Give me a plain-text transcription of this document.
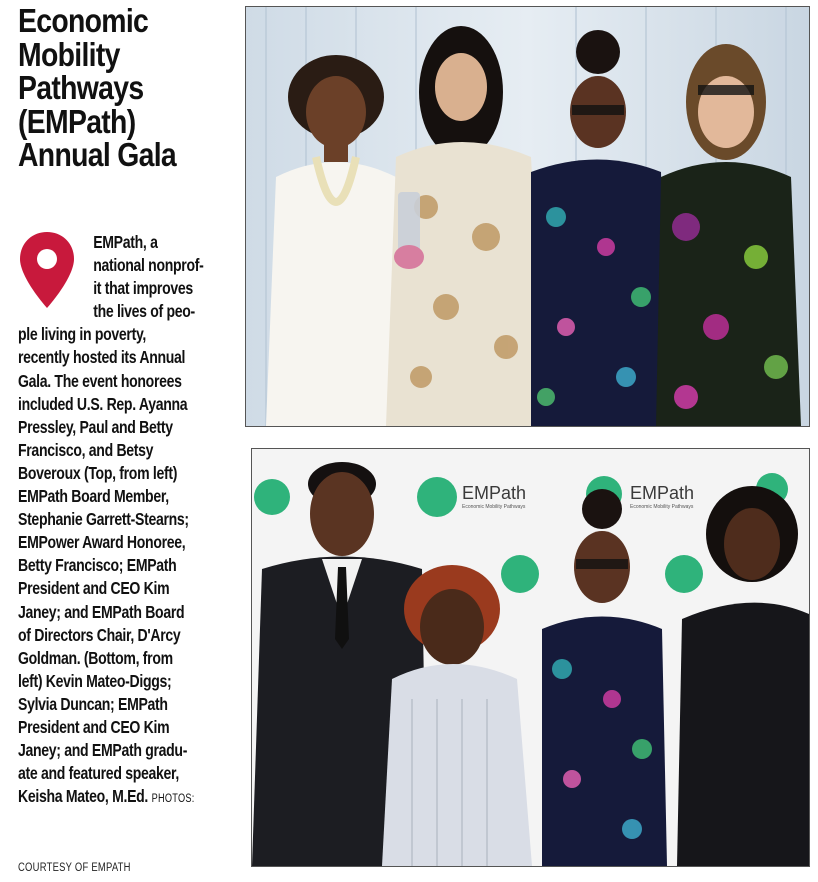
Economic
Mobility
Pathways
(EMPath)
Annual Gala
EMPath, a
national nonprof-
it that improves
the lives of peo-
ple living in poverty,
recently hosted its Annual
Gala. The event honorees
included U.S. Rep. Ayanna
Pressley, Paul and Betty
Francisco, and Betsy
Boveroux (Top, from left)
EMPath Board Member,
Stephanie Garrett-Stearns;
EMPower Award Honoree,
Betty Francisco; EMPath
President and CEO Kim
Janey; and EMPath Board
of Directors Chair, D'Arcy
Goldman. (Bottom, from
left) Kevin Mateo-Diggs;
Sylvia Duncan; EMPath
President and CEO Kim
Janey; and EMPath gradu-
ate and featured speaker,
Keisha Mateo, M.Ed. PHOTOS:
COURTESY OF EMPATH
EMPath
Economic Mobility Pathways
EMPath
Economic Mobility Pathways
